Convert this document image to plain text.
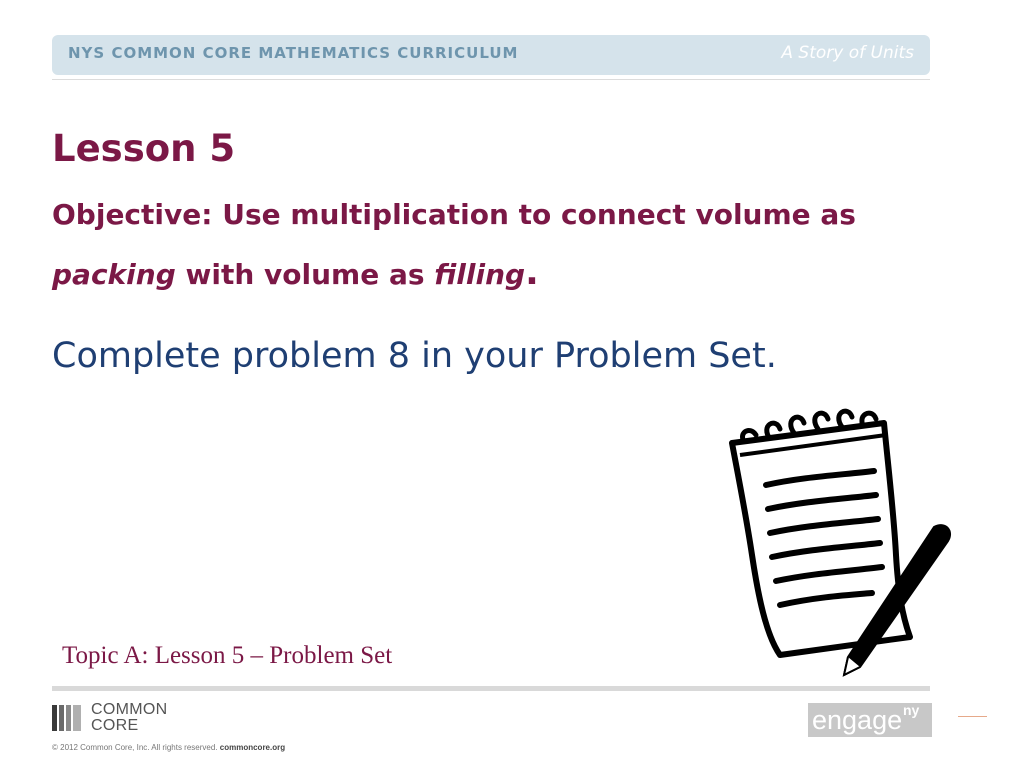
NYS COMMON CORE MATHEMATICS CURRICULUM	A Story of Units
Lesson 5
Objective: Use multiplication to connect volume as packing with volume as filling.
Complete problem 8 in your Problem Set.
Topic A: Lesson 5 – Problem Set
COMMON
CORE
© 2012 Common Core, Inc. All rights reserved. commoncore.org
engage ny
